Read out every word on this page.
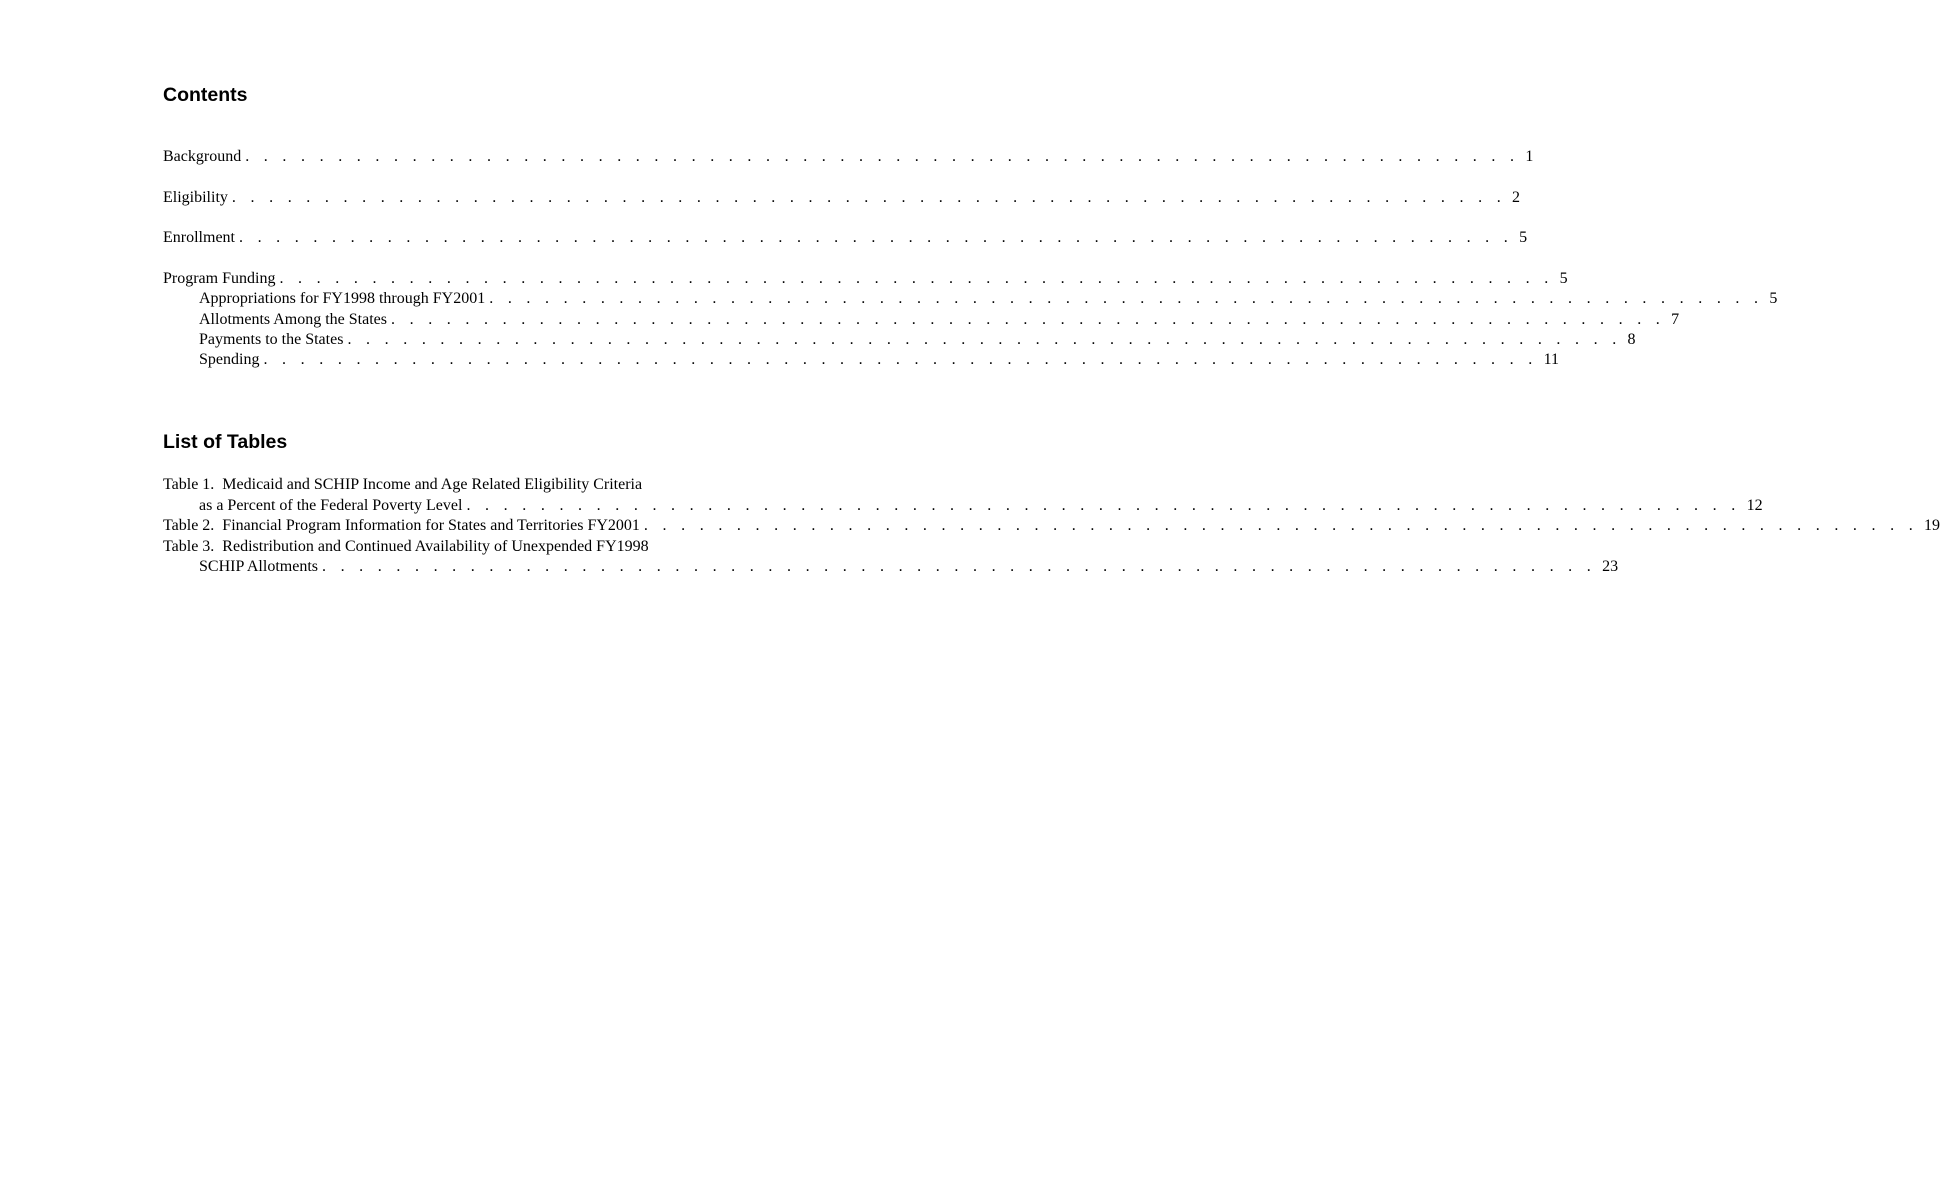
Contents
Background . . . . . . . . . . . . . . . . . . . . . . . . . . . . . . . . . . . . . . . . . . . . . . . . . . . . . . . . . . . . . . . . . . . . . 1
Eligibility . . . . . . . . . . . . . . . . . . . . . . . . . . . . . . . . . . . . . . . . . . . . . . . . . . . . . . . . . . . . . . . . . . . . . 2
Enrollment . . . . . . . . . . . . . . . . . . . . . . . . . . . . . . . . . . . . . . . . . . . . . . . . . . . . . . . . . . . . . . . . . . . . . 5
Program Funding . . . . . . . . . . . . . . . . . . . . . . . . . . . . . . . . . . . . . . . . . . . . . . . . . . . . . . . . . . . . . . . . . . . . . 5
Appropriations for FY1998 through FY2001 . . . . . . . . . . . . . . . . . . . . . . . . . . . . . . . . . . . . . . . . . . . . . . . . . . . . . . . . . . . . . . . . . . . . . 5
Allotments Among the States . . . . . . . . . . . . . . . . . . . . . . . . . . . . . . . . . . . . . . . . . . . . . . . . . . . . . . . . . . . . . . . . . . . . . 7
Payments to the States . . . . . . . . . . . . . . . . . . . . . . . . . . . . . . . . . . . . . . . . . . . . . . . . . . . . . . . . . . . . . . . . . . . . . 8
Spending . . . . . . . . . . . . . . . . . . . . . . . . . . . . . . . . . . . . . . . . . . . . . . . . . . . . . . . . . . . . . . . . . . . . . 11
List of Tables
Table 1.  Medicaid and SCHIP Income and Age Related Eligibility Criteria
as a Percent of the Federal Poverty Level . . . . . . . . . . . . . . . . . . . . . . . . . . . . . . . . . . . . . . . . . . . . . . . . . . . . . . . . . . . . . . . . . . . . . 12
Table 2.  Financial Program Information for States and Territories FY2001 . . . . . . . . . . . . . . . . . . . . . . . . . . . . . . . . . . . . . . . . . . . . . . . . . . . . . . . . . . . . . . . . . . . . . 19
Table 3.  Redistribution and Continued Availability of Unexpended FY1998
SCHIP Allotments . . . . . . . . . . . . . . . . . . . . . . . . . . . . . . . . . . . . . . . . . . . . . . . . . . . . . . . . . . . . . . . . . . . . . 23
